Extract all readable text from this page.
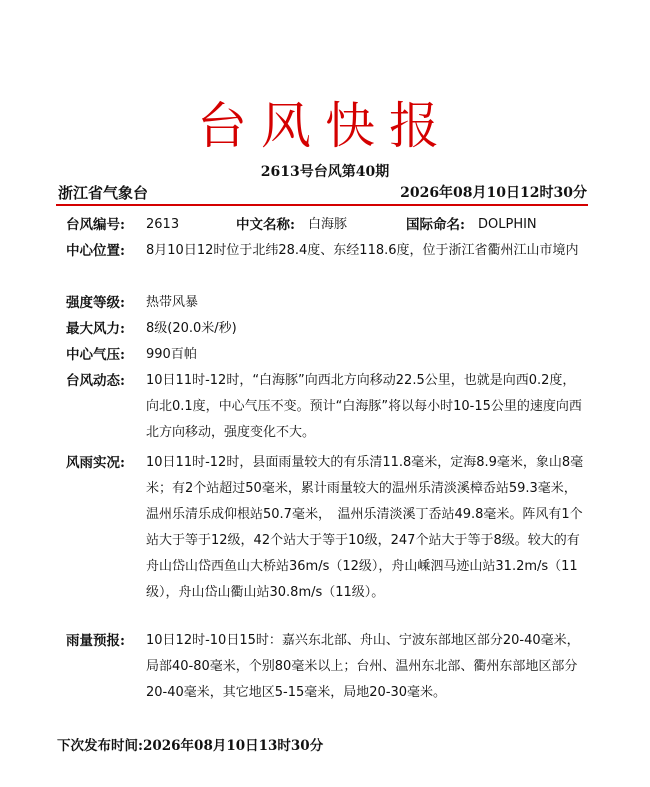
台风快报
2613号台风第40期
浙江省气象台	2026年08月10日12时30分
台风编号: 2613	中文名称: 白海豚	国际命名: DOLPHIN
中心位置: 8月10日12时位于北纬28.4度、东经118.6度，位于浙江省衢州江山市境内
强度等级: 热带风暴
最大风力: 8级(20.0米/秒)
中心气压: 990百帕
台风动态: 10日11时-12时，“白海豚”向西北方向移动22.5公里，也就是向西0.2度，向北0.1度，中心气压不变。预计“白海豚”将以每小时10-15公里的速度向西北方向移动，强度变化不大。
风雨实况: 10日11时-12时，县面雨量较大的有乐清11.8毫米，定海8.9毫米，象山8毫米；有2个站超过50毫米，累计雨量较大的温州乐清淡溪樟岙站59.3毫米，　温州乐清乐成仰根站50.7毫米，　温州乐清淡溪丁岙站49.8毫米。阵风有1个站大于等于12级，42个站大于等于10级，247个站大于等于8级。较大的有舟山岱山岱西鱼山大桥站36m/s（12级），舟山嵊泗马迹山站31.2m/s（11级），舟山岱山衢山站30.8m/s（11级）。
雨量预报: 10日12时-10日15时：嘉兴东北部、舟山、宁波东部地区部分20-40毫米，局部40-80毫米，个别80毫米以上；台州、温州东北部、衢州东部地区部分20-40毫米，其它地区5-15毫米，局地20-30毫米。
下次发布时间:2026年08月10日13时30分
